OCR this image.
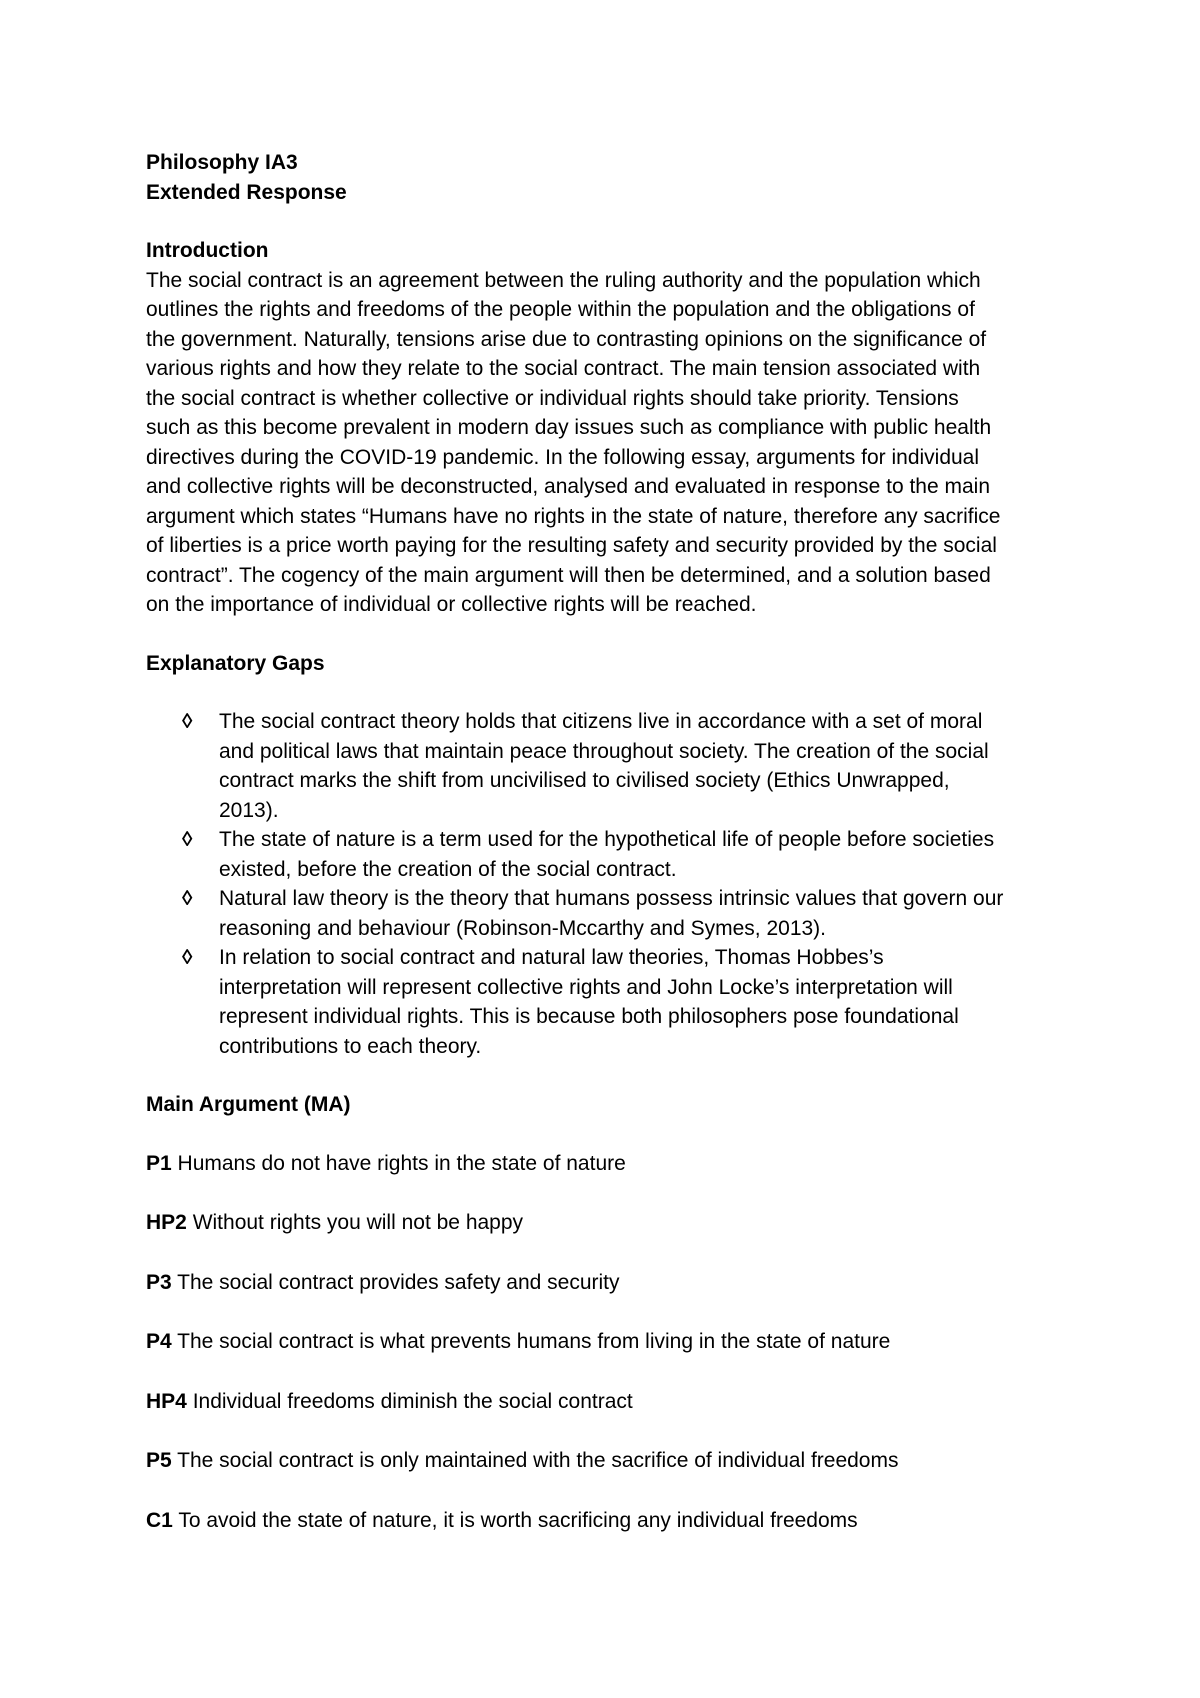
Philosophy IA3

Extended Response

Introduction

The social contract is an agreement between the ruling authority and the population which
outlines the rights and freedoms of the people within the population and the obligations of
the government. Naturally, tensions arise due to contrasting opinions on the significance of
various rights and how they relate to the social contract. The main tension associated with
the social contract is whether collective or individual rights should take priority. Tensions
such as this become prevalent in modern day issues such as compliance with public health
directives during the COVID-19 pandemic. In the following essay, arguments for individual
and collective rights will be deconstructed, analysed and evaluated in response to the main
argument which states “Humans have no rights in the state of nature, therefore any sacrifice
of liberties is a price worth paying for the resulting safety and security provided by the social
contract”. The cogency of the main argument will then be determined, and a solution based
on the importance of individual or collective rights will be reached.

Explanatory Gaps

◊ The social contract theory holds that citizens live in accordance with a set of moral
and political laws that maintain peace throughout society. The creation of the social
contract marks the shift from uncivilised to civilised society (Ethics Unwrapped,
2013).
◊ The state of nature is a term used for the hypothetical life of people before societies
existed, before the creation of the social contract.
◊ Natural law theory is the theory that humans possess intrinsic values that govern our
reasoning and behaviour (Robinson-Mccarthy and Symes, 2013).
◊ In relation to social contract and natural law theories, Thomas Hobbes’s
interpretation will represent collective rights and John Locke’s interpretation will
represent individual rights. This is because both philosophers pose foundational
contributions to each theory.

Main Argument (MA)

P1 Humans do not have rights in the state of nature

HP2 Without rights you will not be happy

P3 The social contract provides safety and security

P4 The social contract is what prevents humans from living in the state of nature

HP4 Individual freedoms diminish the social contract

P5 The social contract is only maintained with the sacrifice of individual freedoms

C1 To avoid the state of nature, it is worth sacrificing any individual freedoms
